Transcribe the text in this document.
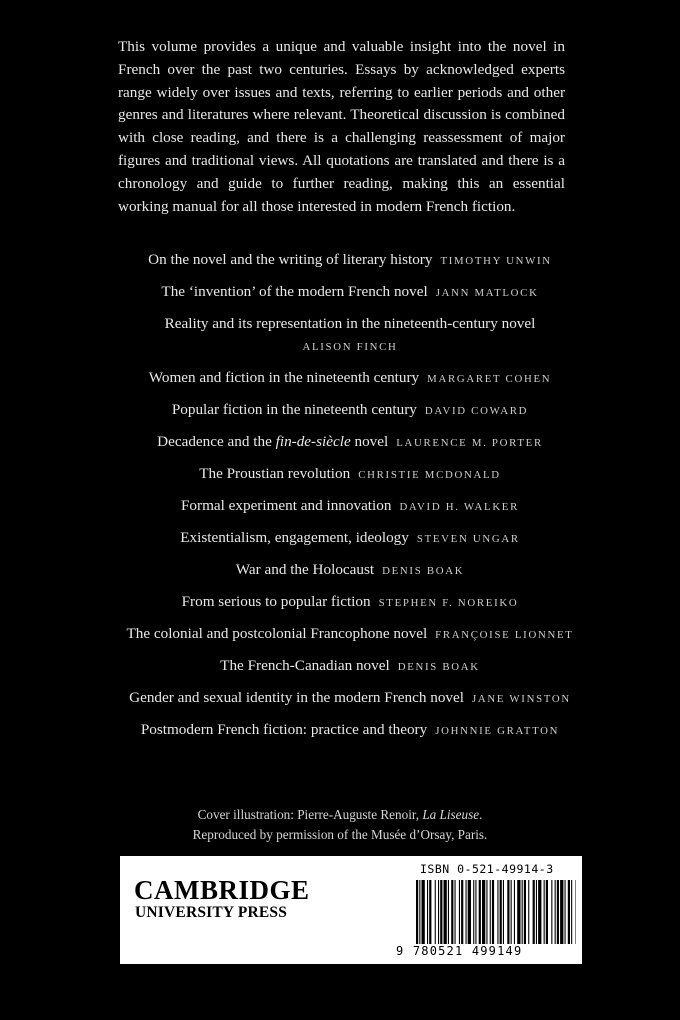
This volume provides a unique and valuable insight into the novel in French over the past two centuries. Essays by acknowledged experts range widely over issues and texts, referring to earlier periods and other genres and literatures where relevant. Theoretical discussion is combined with close reading, and there is a challenging reassessment of major figures and traditional views. All quotations are translated and there is a chronology and guide to further reading, making this an essential working manual for all those interested in modern French fiction.
On the novel and the writing of literary history TIMOTHY UNWIN
The ‘invention’ of the modern French novel JANN MATLOCK
Reality and its representation in the nineteenth-century novel
ALISON FINCH
Women and fiction in the nineteenth century MARGARET COHEN
Popular fiction in the nineteenth century DAVID COWARD
Decadence and the fin-de-siècle novel LAURENCE M. PORTER
The Proustian revolution CHRISTIE MCDONALD
Formal experiment and innovation DAVID H. WALKER
Existentialism, engagement, ideology STEVEN UNGAR
War and the Holocaust DENIS BOAK
From serious to popular fiction STEPHEN F. NOREIKO
The colonial and postcolonial Francophone novel FRANÇOISE LIONNET
The French-Canadian novel DENIS BOAK
Gender and sexual identity in the modern French novel JANE WINSTON
Postmodern French fiction: practice and theory JOHNNIE GRATTON
Cover illustration: Pierre-Auguste Renoir, La Liseuse.
Reproduced by permission of the Musée d’Orsay, Paris.
CAMBRIDGE
UNIVERSITY PRESS
ISBN 0-521-49914-3
9 780521 499149
